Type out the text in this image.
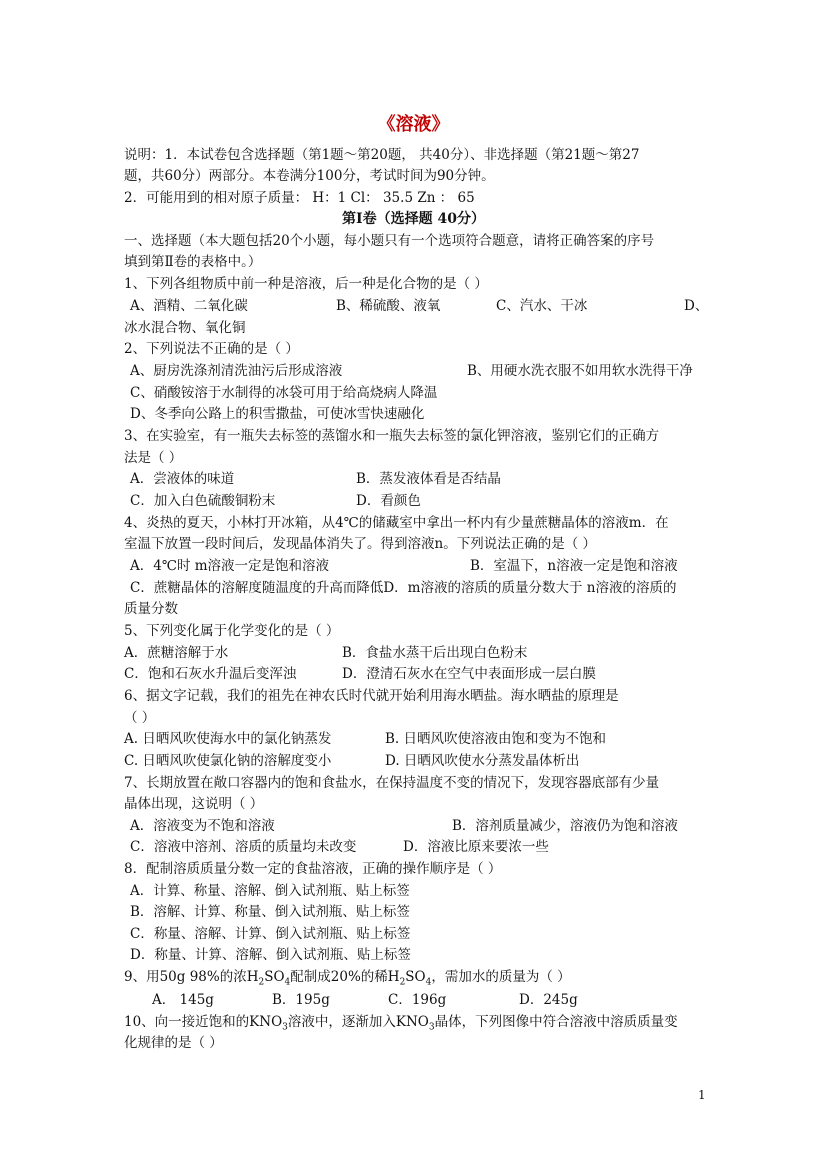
《溶液》
说明：1．本试卷包含选择题（第1题～第20题， 共40分）、非选择题（第21题～第27
题，共60分）两部分。本卷满分100分，考试时间为90分钟。
2．可能用到的相对原子质量： H：1 Cl： 35.5 Zn ： 65
第Ⅰ卷（选择题 40分）
一、选择题（本大题包括20个小题，每小题只有一个选项符合题意，请将正确答案的序号
填到第Ⅱ卷的表格中。）
1、下列各组物质中前一种是溶液，后一种是化合物的是（ ）
A、酒精、二氧化碳	B、稀硫酸、液氧	C、汽水、干冰	D、
冰水混合物、氧化铜
2、下列说法不正确的是（ ）
A、厨房洗涤剂清洗油污后形成溶液	B、用硬水洗衣服不如用软水洗得干净
C、硝酸铵溶于水制得的冰袋可用于给高烧病人降温
D、冬季向公路上的积雪撒盐，可使冰雪快速融化
3、在实验室，有一瓶失去标签的蒸馏水和一瓶失去标签的氯化钾溶液，鉴别它们的正确方
法是（ ）
A．尝液体的味道	B．蒸发液体看是否结晶
C．加入白色硫酸铜粉末	D．看颜色
4、炎热的夏天，小林打开冰箱，从4℃的储藏室中拿出一杯内有少量蔗糖晶体的溶液m．在
室温下放置一段时间后，发现晶体消失了。得到溶液n。下列说法正确的是（ ）
A．4℃时 m溶液一定是饱和溶液	B．室温下，n溶液一定是饱和溶液
C．蔗糖晶体的溶解度随温度的升高而降低D．m溶液的溶质的质量分数大于 n溶液的溶质的
质量分数
5、下列变化属于化学变化的是（ ）
A．蔗糖溶解于水	B．食盐水蒸干后出现白色粉末
C．饱和石灰水升温后变浑浊	D．澄清石灰水在空气中表面形成一层白膜
6、据文字记载，我们的祖先在神农氏时代就开始利用海水晒盐。海水晒盐的原理是
（ ）
A. 日晒风吹使海水中的氯化钠蒸发	B. 日晒风吹使溶液由饱和变为不饱和
C. 日晒风吹使氯化钠的溶解度变小	D. 日晒风吹使水分蒸发晶体析出
7、长期放置在敞口容器内的饱和食盐水，在保持温度不变的情况下，发现容器底部有少量
晶体出现，这说明（ ）
A．溶液变为不饱和溶液	B．溶剂质量减少，溶液仍为饱和溶液
C．溶液中溶剂、溶质的质量均未改变	D．溶液比原来要浓一些
8．配制溶质质量分数一定的食盐溶液，正确的操作顺序是（ ）
A．计算、称量、溶解、倒入试剂瓶、贴上标签
B．溶解、计算、称量、倒入试剂瓶、贴上标签
C．称量、溶解、计算、倒入试剂瓶、贴上标签
D．称量、计算、溶解、倒入试剂瓶、贴上标签
9、用50g 98%的浓$H_2SO_4$配制成20%的稀$H_2SO_4$，需加水的质量为（ ）
A． 145g	B．195g	C．196g	D．245g
10、向一接近饱和的$KNO_3$溶液中，逐渐加入$KNO_3$晶体，下列图像中符合溶液中溶质质量变
化规律的是（ ）
1
